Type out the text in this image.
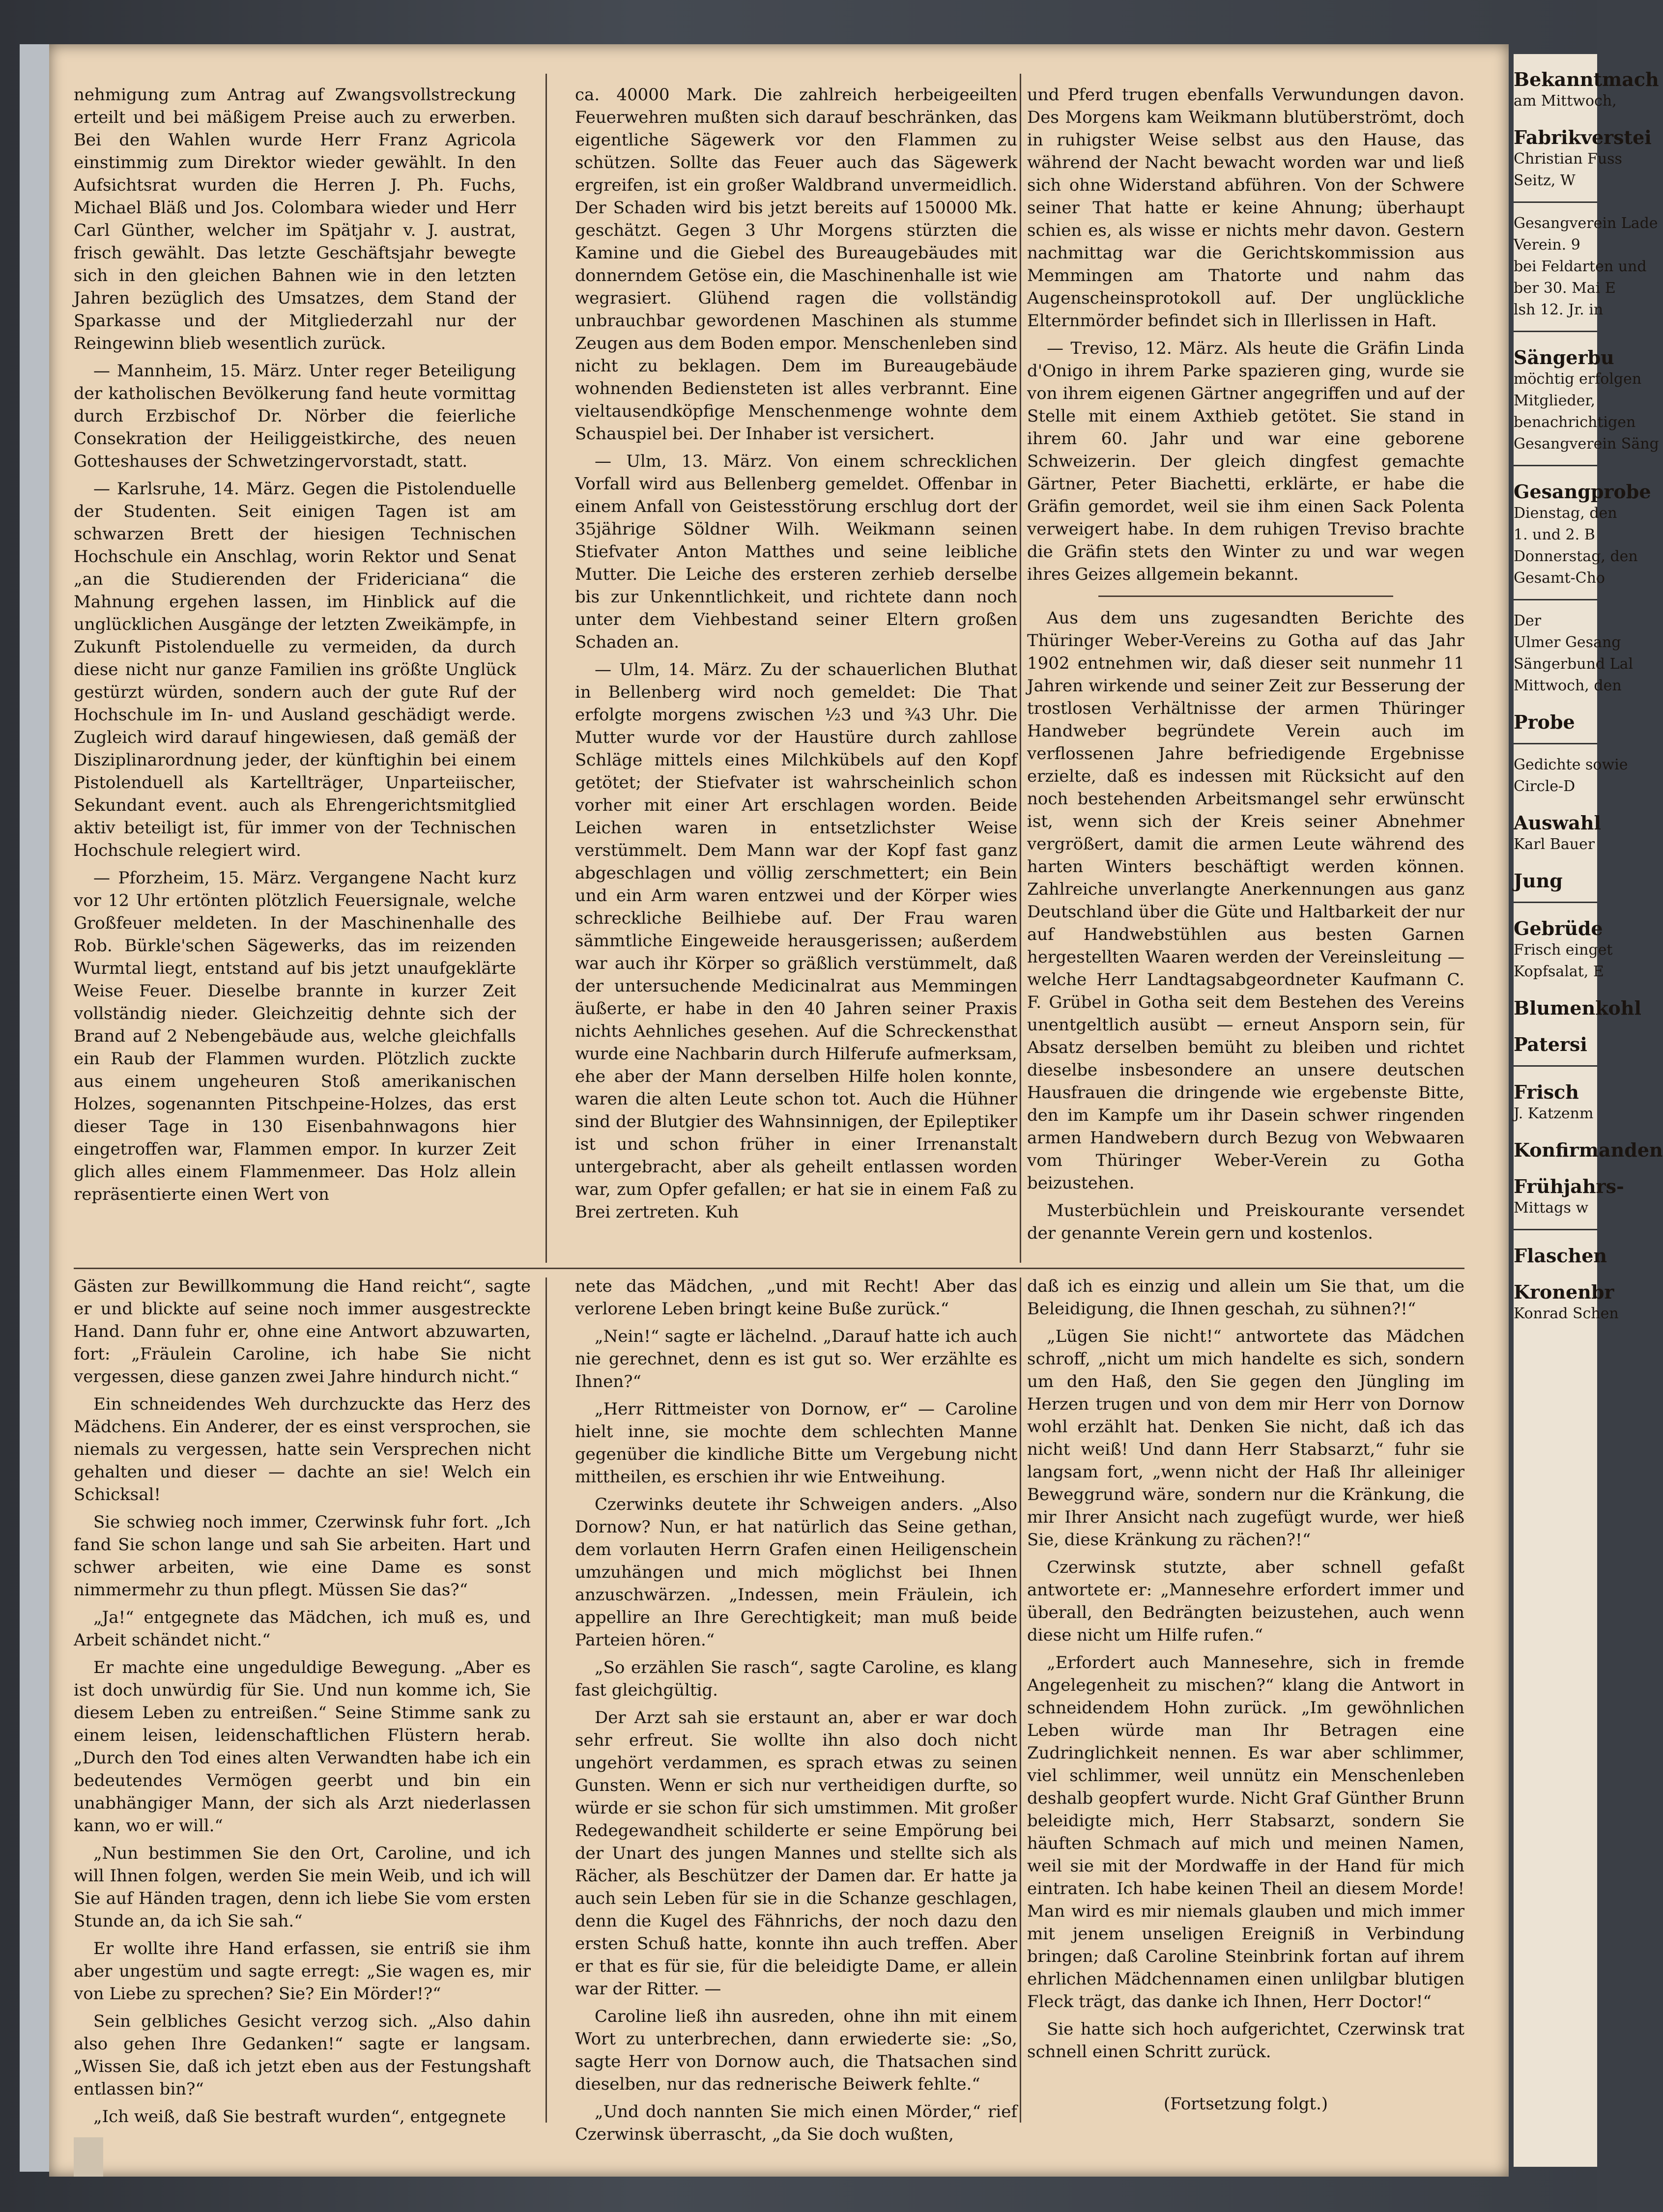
nehmigung zum Antrag auf Zwangsvollstreckung erteilt und bei mäßigem Preise auch zu erwerben. Bei den Wahlen wurde Herr Franz Agricola einstimmig zum Direktor wieder gewählt. In den Aufsichtsrat wurden die Herren J. Ph. Fuchs, Michael Bläß und Jos. Colombara wieder und Herr Carl Günther, welcher im Spätjahr v. J. austrat, frisch gewählt. Das letzte Geschäftsjahr bewegte sich in den gleichen Bahnen wie in den letzten Jahren bezüglich des Umsatzes, dem Stand der Sparkasse und der Mitgliederzahl nur der Reingewinn blieb wesentlich zurück.

— Mannheim, 15. März. Unter reger Beteiligung der katholischen Bevölkerung fand heute vormittag durch Erzbischof Dr. Nörber die feierliche Consekration der Heiliggeistkirche, des neuen Gotteshauses der Schwetzingervorstadt, statt.

— Karlsruhe, 14. März. Gegen die Pistolenduelle der Studenten. Seit einigen Tagen ist am schwarzen Brett der hiesigen Technischen Hochschule ein Anschlag, worin Rektor und Senat „an die Studierenden der Fridericiana“ die Mahnung ergehen lassen, im Hinblick auf die unglücklichen Ausgänge der letzten Zweikämpfe, in Zukunft Pistolenduelle zu vermeiden, da durch diese nicht nur ganze Familien ins größte Unglück gestürzt würden, sondern auch der gute Ruf der Hochschule im In- und Ausland geschädigt werde. Zugleich wird darauf hingewiesen, daß gemäß der Disziplinarordnung jeder, der künftighin bei einem Pistolenduell als Kartellträger, Unparteiischer, Sekundant event. auch als Ehrengerichtsmitglied aktiv beteiligt ist, für immer von der Technischen Hochschule relegiert wird.

— Pforzheim, 15. März. Vergangene Nacht kurz vor 12 Uhr ertönten plötzlich Feuersignale, welche Großfeuer meldeten. In der Maschinenhalle des Rob. Bürkle'schen Sägewerks, das im reizenden Wurmtal liegt, entstand auf bis jetzt unaufgeklärte Weise Feuer. Dieselbe brannte in kurzer Zeit vollständig nieder. Gleichzeitig dehnte sich der Brand auf 2 Nebengebäude aus, welche gleichfalls ein Raub der Flammen wurden. Plötzlich zuckte aus einem ungeheuren Stoß amerikanischen Holzes, sogenannten Pitschpeine-Holzes, das erst dieser Tage in 130 Eisenbahnwagons hier eingetroffen war, Flammen empor. In kurzer Zeit glich alles einem Flammenmeer. Das Holz allein repräsentierte einen Wert von

ca. 40000 Mark. Die zahlreich herbeigeeilten Feuerwehren mußten sich darauf beschränken, das eigentliche Sägewerk vor den Flammen zu schützen. Sollte das Feuer auch das Sägewerk ergreifen, ist ein großer Waldbrand unvermeidlich. Der Schaden wird bis jetzt bereits auf 150000 Mk. geschätzt. Gegen 3 Uhr Morgens stürzten die Kamine und die Giebel des Bureaugebäudes mit donnerndem Getöse ein, die Maschinenhalle ist wie wegrasiert. Glühend ragen die vollständig unbrauchbar gewordenen Maschinen als stumme Zeugen aus dem Boden empor. Menschenleben sind nicht zu beklagen. Dem im Bureaugebäude wohnenden Bediensteten ist alles verbrannt. Eine vieltausendköpfige Menschenmenge wohnte dem Schauspiel bei. Der Inhaber ist versichert.

— Ulm, 13. März. Von einem schrecklichen Vorfall wird aus Bellenberg gemeldet. Offenbar in einem Anfall von Geistesstörung erschlug dort der 35jährige Söldner Wilh. Weikmann seinen Stiefvater Anton Matthes und seine leibliche Mutter. Die Leiche des ersteren zerhieb derselbe bis zur Unkenntlichkeit, und richtete dann noch unter dem Viehbestand seiner Eltern großen Schaden an.

— Ulm, 14. März. Zu der schauerlichen Bluthat in Bellenberg wird noch gemeldet: Die That erfolgte morgens zwischen ½3 und ¾3 Uhr. Die Mutter wurde vor der Haustüre durch zahllose Schläge mittels eines Milchkübels auf den Kopf getötet; der Stiefvater ist wahrscheinlich schon vorher mit einer Art erschlagen worden. Beide Leichen waren in entsetzlichster Weise verstümmelt. Dem Mann war der Kopf fast ganz abgeschlagen und völlig zerschmettert; ein Bein und ein Arm waren entzwei und der Körper wies schreckliche Beilhiebe auf. Der Frau waren sämmtliche Eingeweide herausgerissen; außerdem war auch ihr Körper so gräßlich verstümmelt, daß der untersuchende Medicinalrat aus Memmingen äußerte, er habe in den 40 Jahren seiner Praxis nichts Aehnliches gesehen. Auf die Schreckensthat wurde eine Nachbarin durch Hilferufe aufmerksam, ehe aber der Mann derselben Hilfe holen konnte, waren die alten Leute schon tot. Auch die Hühner sind der Blutgier des Wahnsinnigen, der Epileptiker ist und schon früher in einer Irrenanstalt untergebracht, aber als geheilt entlassen worden war, zum Opfer gefallen; er hat sie in einem Faß zu Brei zertreten. Kuh

und Pferd trugen ebenfalls Verwundungen davon. Des Morgens kam Weikmann blutüberströmt, doch in ruhigster Weise selbst aus den Hause, das während der Nacht bewacht worden war und ließ sich ohne Widerstand abführen. Von der Schwere seiner That hatte er keine Ahnung; überhaupt schien es, als wisse er nichts mehr davon. Gestern nachmittag war die Gerichtskommission aus Memmingen am Thatorte und nahm das Augenscheinsprotokoll auf. Der unglückliche Elternmörder befindet sich in Illerlissen in Haft.

— Treviso, 12. März. Als heute die Gräfin Linda d'Onigo in ihrem Parke spazieren ging, wurde sie von ihrem eigenen Gärtner angegriffen und auf der Stelle mit einem Axthieb getötet. Sie stand in ihrem 60. Jahr und war eine geborene Schweizerin. Der gleich dingfest gemachte Gärtner, Peter Biachetti, erklärte, er habe die Gräfin gemordet, weil sie ihm einen Sack Polenta verweigert habe. In dem ruhigen Treviso brachte die Gräfin stets den Winter zu und war wegen ihres Geizes allgemein bekannt.

Aus dem uns zugesandten Berichte des Thüringer Weber-Vereins zu Gotha auf das Jahr 1902 entnehmen wir, daß dieser seit nunmehr 11 Jahren wirkende und seiner Zeit zur Besserung der trostlosen Verhältnisse der armen Thüringer Handweber begründete Verein auch im verflossenen Jahre befriedigende Ergebnisse erzielte, daß es indessen mit Rücksicht auf den noch bestehenden Arbeitsmangel sehr erwünscht ist, wenn sich der Kreis seiner Abnehmer vergrößert, damit die armen Leute während des harten Winters beschäftigt werden können. Zahlreiche unverlangte Anerkennungen aus ganz Deutschland über die Güte und Haltbarkeit der nur auf Handwebstühlen aus besten Garnen hergestellten Waaren werden der Vereinsleitung — welche Herr Landtagsabgeordneter Kaufmann C. F. Grübel in Gotha seit dem Bestehen des Vereins unentgeltlich ausübt — erneut Ansporn sein, für Absatz derselben bemüht zu bleiben und richtet dieselbe insbesondere an unsere deutschen Hausfrauen die dringende wie ergebenste Bitte, den im Kampfe um ihr Dasein schwer ringenden armen Handwebern durch Bezug von Webwaaren vom Thüringer Weber-Verein zu Gotha beizustehen.

Musterbüchlein und Preiskourante versendet der genannte Verein gern und kostenlos.

Gästen zur Bewillkommung die Hand reicht“, sagte er und blickte auf seine noch immer ausgestreckte Hand. Dann fuhr er, ohne eine Antwort abzuwarten, fort: „Fräulein Caroline, ich habe Sie nicht vergessen, diese ganzen zwei Jahre hindurch nicht.“

Ein schneidendes Weh durchzuckte das Herz des Mädchens. Ein Anderer, der es einst versprochen, sie niemals zu vergessen, hatte sein Versprechen nicht gehalten und dieser — dachte an sie! Welch ein Schicksal!

Sie schwieg noch immer, Czerwinsk fuhr fort. „Ich fand Sie schon lange und sah Sie arbeiten. Hart und schwer arbeiten, wie eine Dame es sonst nimmermehr zu thun pflegt. Müssen Sie das?“

„Ja!“ entgegnete das Mädchen, ich muß es, und Arbeit schändet nicht.“

Er machte eine ungeduldige Bewegung. „Aber es ist doch unwürdig für Sie. Und nun komme ich, Sie diesem Leben zu entreißen.“ Seine Stimme sank zu einem leisen, leidenschaftlichen Flüstern herab. „Durch den Tod eines alten Verwandten habe ich ein bedeutendes Vermögen geerbt und bin ein unabhängiger Mann, der sich als Arzt niederlassen kann, wo er will.“

„Nun bestimmen Sie den Ort, Caroline, und ich will Ihnen folgen, werden Sie mein Weib, und ich will Sie auf Händen tragen, denn ich liebe Sie vom ersten Stunde an, da ich Sie sah.“

Er wollte ihre Hand erfassen, sie entriß sie ihm aber ungestüm und sagte erregt: „Sie wagen es, mir von Liebe zu sprechen? Sie? Ein Mörder!?“

Sein gelbliches Gesicht verzog sich. „Also dahin also gehen Ihre Gedanken!“ sagte er langsam. „Wissen Sie, daß ich jetzt eben aus der Festungshaft entlassen bin?“

„Ich weiß, daß Sie bestraft wurden“, entgegnete

nete das Mädchen, „und mit Recht! Aber das verlorene Leben bringt keine Buße zurück.“

„Nein!“ sagte er lächelnd. „Darauf hatte ich auch nie gerechnet, denn es ist gut so. Wer erzählte es Ihnen?“

„Herr Rittmeister von Dornow, er“ — Caroline hielt inne, sie mochte dem schlechten Manne gegenüber die kindliche Bitte um Vergebung nicht mittheilen, es erschien ihr wie Entweihung.

Czerwinks deutete ihr Schweigen anders. „Also Dornow? Nun, er hat natürlich das Seine gethan, dem vorlauten Herrn Grafen einen Heiligenschein umzuhängen und mich möglichst bei Ihnen anzuschwärzen. „Indessen, mein Fräulein, ich appellire an Ihre Gerechtigkeit; man muß beide Parteien hören.“

„So erzählen Sie rasch“, sagte Caroline, es klang fast gleichgültig.

Der Arzt sah sie erstaunt an, aber er war doch sehr erfreut. Sie wollte ihn also doch nicht ungehört verdammen, es sprach etwas zu seinen Gunsten. Wenn er sich nur vertheidigen durfte, so würde er sie schon für sich umstimmen. Mit großer Redegewandheit schilderte er seine Empörung bei der Unart des jungen Mannes und stellte sich als Rächer, als Beschützer der Damen dar. Er hatte ja auch sein Leben für sie in die Schanze geschlagen, denn die Kugel des Fähnrichs, der noch dazu den ersten Schuß hatte, konnte ihn auch treffen. Aber er that es für sie, für die beleidigte Dame, er allein war der Ritter. —

Caroline ließ ihn ausreden, ohne ihn mit einem Wort zu unterbrechen, dann erwiederte sie: „So, sagte Herr von Dornow auch, die Thatsachen sind dieselben, nur das rednerische Beiwerk fehlte.“

„Und doch nannten Sie mich einen Mörder,“ rief Czerwinsk überrascht, „da Sie doch wußten,

daß ich es einzig und allein um Sie that, um die Beleidigung, die Ihnen geschah, zu sühnen?!“

„Lügen Sie nicht!“ antwortete das Mädchen schroff, „nicht um mich handelte es sich, sondern um den Haß, den Sie gegen den Jüngling im Herzen trugen und von dem mir Herr von Dornow wohl erzählt hat. Denken Sie nicht, daß ich das nicht weiß! Und dann Herr Stabsarzt,“ fuhr sie langsam fort, „wenn nicht der Haß Ihr alleiniger Beweggrund wäre, sondern nur die Kränkung, die mir Ihrer Ansicht nach zugefügt wurde, wer hieß Sie, diese Kränkung zu rächen?!“

Czerwinsk stutzte, aber schnell gefaßt antwortete er: „Mannesehre erfordert immer und überall, den Bedrängten beizustehen, auch wenn diese nicht um Hilfe rufen.“

„Erfordert auch Mannesehre, sich in fremde Angelegenheit zu mischen?“ klang die Antwort in schneidendem Hohn zurück. „Im gewöhnlichen Leben würde man Ihr Betragen eine Zudringlichkeit nennen. Es war aber schlimmer, viel schlimmer, weil unnütz ein Menschenleben deshalb geopfert wurde. Nicht Graf Günther Brunn beleidigte mich, Herr Stabsarzt, sondern Sie häuften Schmach auf mich und meinen Namen, weil sie mit der Mordwaffe in der Hand für mich eintraten. Ich habe keinen Theil an diesem Morde! Man wird es mir niemals glauben und mich immer mit jenem unseligen Ereigniß in Verbindung bringen; daß Caroline Steinbrink fortan auf ihrem ehrlichen Mädchennamen einen unlilgbar blutigen Fleck trägt, das danke ich Ihnen, Herr Doctor!“

Sie hatte sich hoch aufgerichtet, Czerwinsk trat schnell einen Schritt zurück.

(Fortsetzung folgt.)

Bekanntmach
am Mittwoch,
Fabrikverstei
Christian Fuss
Seitz, W
Gesangverein Lade
Verein. 9
bei Feldarten und
ber 30. Mai E
lsh 12. Jr. in
Sängerbu
möchtig erfolgen
Mitglieder,
benachrichtigen
Gesangverein Säng
Gesangprobe
Dienstag, den
1. und 2. B
Donnerstag, den
Gesamt-Cho
Der
Ulmer Gesang
Sängerbund Lal
Mittwoch, den
Probe
Gedichte sowie
Circle-D
Auswahl
Karl Bauer
Jung
Gebrüde
Frisch einget
Kopfsalat, E
Blumenkohl
Patersi
Frisch
J. Katzenm
Konfirmanden
Frühjahrs-
Mittags w
Flaschen
Kronenbr
Konrad Schen
